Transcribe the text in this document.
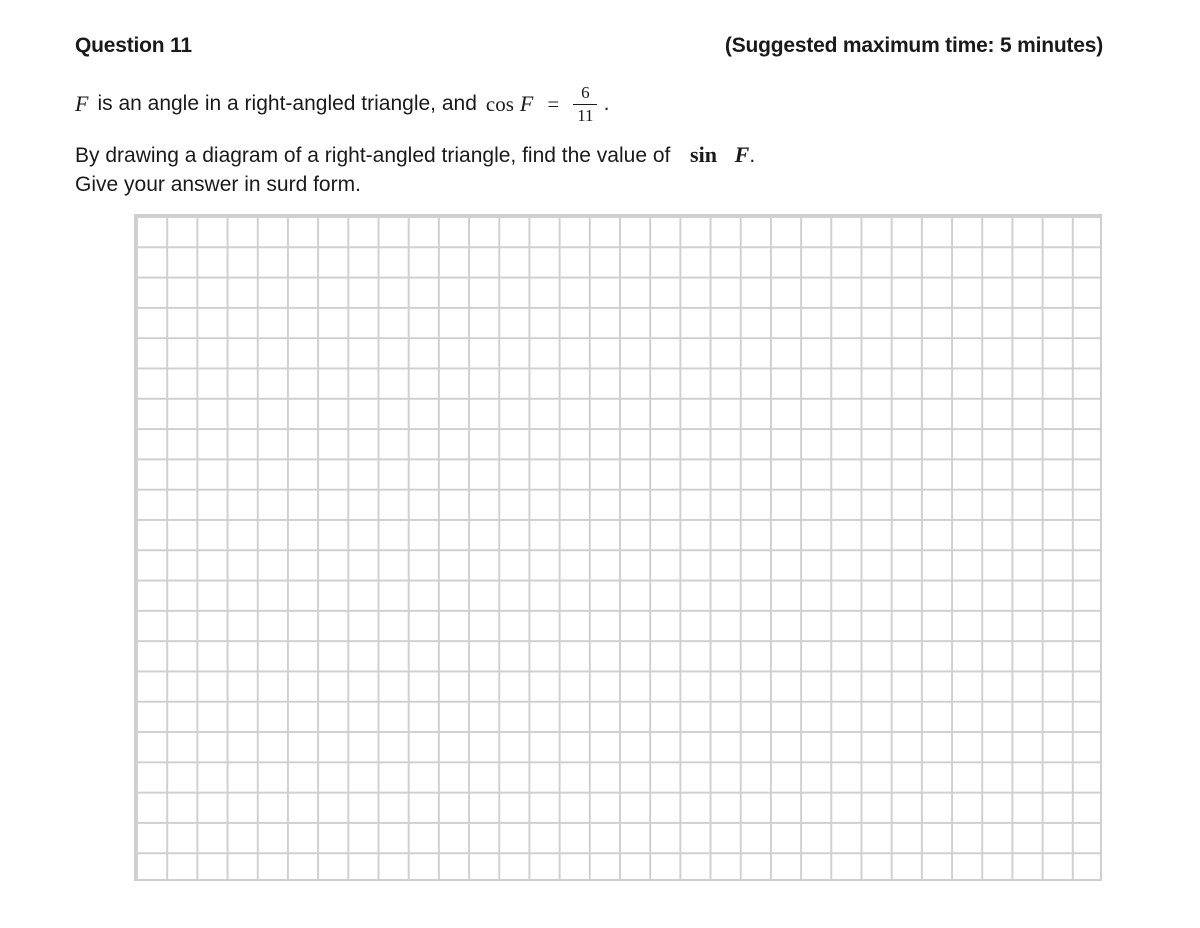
Question 11	(Suggested maximum time: 5 minutes)
F is an angle in a right-angled triangle, and $\cos F = \frac{6}{11}$ .
By drawing a diagram of a right-angled triangle, find the value of sin F.
Give your answer in surd form.
